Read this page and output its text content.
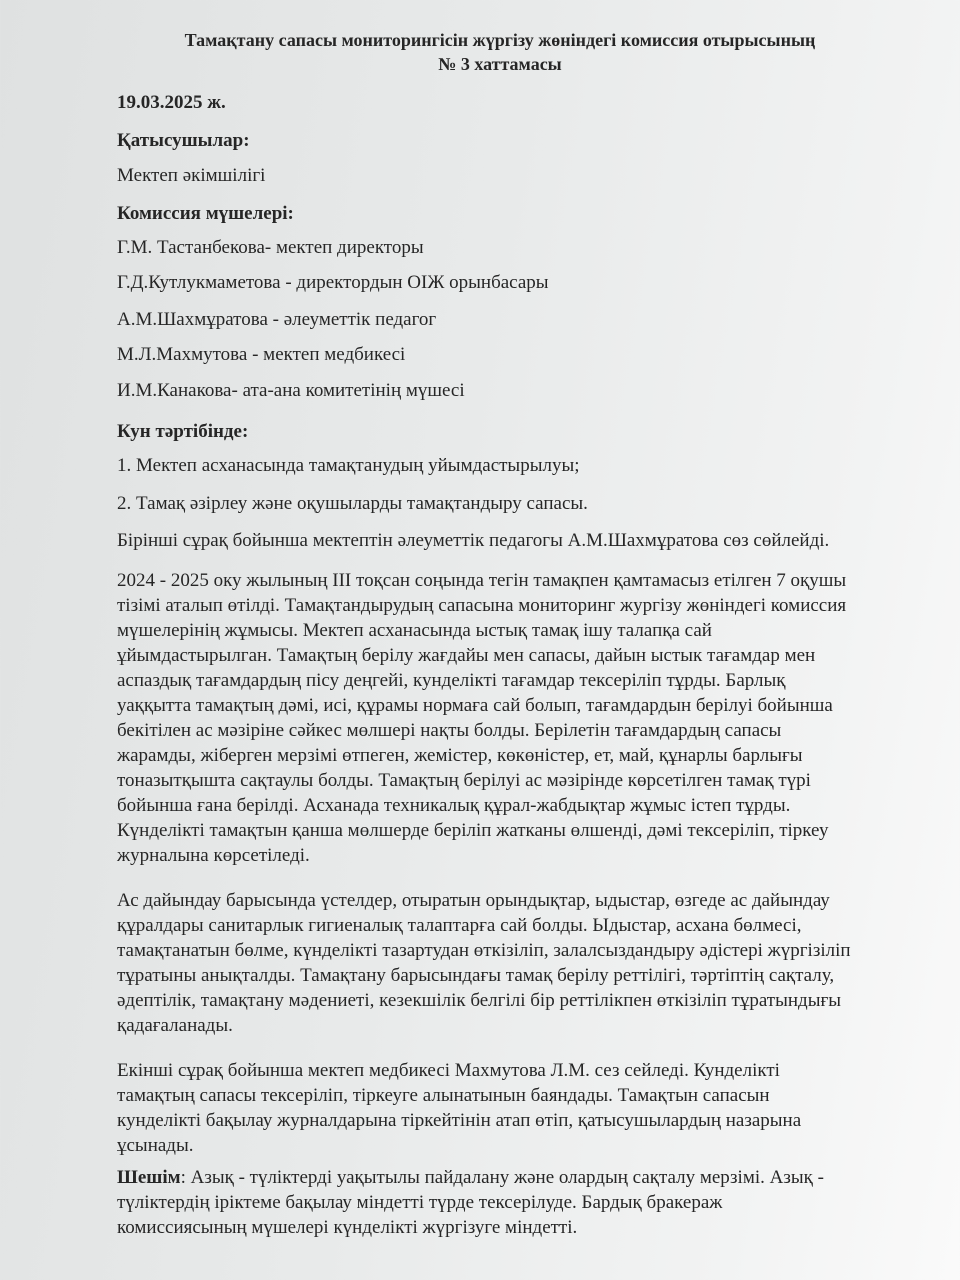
Тамақтану сапасы мониторингісін жүргізу жөніндегі комиссия отырысының
№ 3 хаттамасы
19.03.2025 ж.
Қатысушылар:
Мектеп әкімшілігі
Комиссия мүшелері:
Г.М. Тастанбекова- мектеп директоры
Г.Д.Кутлукмаметова - директордын ОІЖ орынбасары
А.М.Шахмұратова - әлеуметтік педагог
М.Л.Махмутова - мектеп медбикесі
И.М.Канакова- ата-ана комитетінің мүшесі
Кун тәртібінде:
1. Мектеп асханасында тамақтанудың уйымдастырылуы;
2. Тамақ әзірлеу және оқушыларды тамақтандыру сапасы.
Бірінші сұрақ бойынша мектептін әлеуметтік педагогы А.М.Шахмұратова сөз сөйлейді.
2024 - 2025 оку жылының ІІІ тоқсан соңында тегін тамақпен қамтамасыз етілген 7 оқушы
тізімі аталып өтілді. Тамақтандырудың сапасына мониторинг жургізу жөніндегі комиссия
мүшелерінің жұмысы. Мектеп асханасында ыстық тамақ ішу талапқа сай
ұйымдастырылган. Тамақтың берілу жағдайы мен сапасы, дайын ыстык тағамдар мен
аспаздық тағамдардың пісу деңгейі, кунделікті тағамдар тексеріліп тұрды. Барлық
уаққытта тамақтың дәмі, исі, құрамы нормаға сай болып, тағамдардын берілуі бойынша
бекітілен ас мәзіріне сәйкес мөлшері нақты болды. Берілетін тағамдардың сапасы
жарамды, жіберген мерзімі өтпеген, жемістер, көкөністер, ет, май, құнарлы барлығы
тоназытқышта сақтаулы болды. Тамақтың берілуі ас мәзірінде көрсетілген тамақ түрі
бойынша ғана берілді. Асханада техникалық құрал-жабдықтар жұмыс істеп тұрды.
Күнделікті тамақтын қанша мөлшерде беріліп жатканы өлшенді, дәмі тексеріліп, тіркеу
журналына көрсетіледі.
Ас дайындау барысында үстелдер, отыратын орындықтар, ыдыстар, өзгеде ас дайындау
құралдары санитарлык гигиеналық талаптарға сай болды. Ыдыстар, асхана бөлмесі,
тамақтанатын бөлме, күнделікті тазартудан өткізіліп, залалсыздандыру әдістері жүргізіліп
тұратыны анықталды. Тамақтану барысындағы тамақ берілу реттілігі, тәртіптің сақталу,
әдептілік, тамақтану мәдениеті, кезекшілік белгілі бір реттілікпен өткізіліп тұратындығы
қадағаланады.
Екінші сұрақ бойынша мектеп медбикесі Махмутова Л.М. сез сейледі. Кунделікті
тамақтың сапасы тексеріліп, тіркеуге алынатынын баяндады. Тамақтын сапасын
кунделікті бақылау журналдарына тіркейтінін атап өтіп, қатысушылардың назарына
ұсынады.
Шешім: Азық - түліктерді уақытылы пайдалану және олардың сақталу мерзімі. Азық -
түліктердің іріктеме бақылау міндетті түрде тексерілуде. Бардық бракераж
комиссиясының мүшелері күнделікті жүргізуге міндетті.
